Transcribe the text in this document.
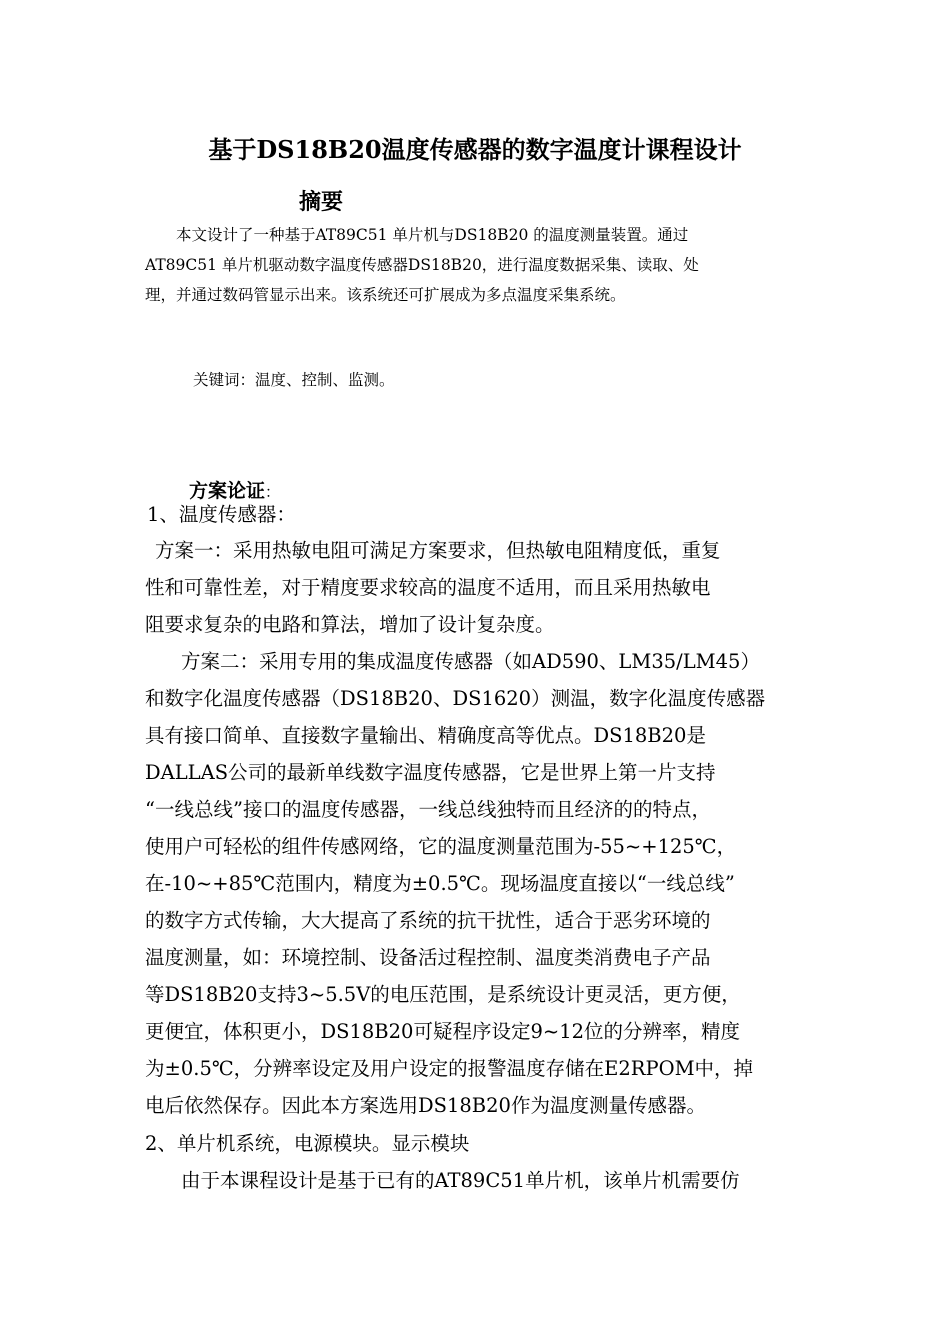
基于DS18B20温度传感器的数字温度计课程设计
摘要
　　本文设计了一种基于AT89C51 单片机与DS18B20 的温度测量装置。通过
AT89C51 单片机驱动数字温度传感器DS18B20，进行温度数据采集、读取、处
理，并通过数码管显示出来。该系统还可扩展成为多点温度采集系统。
关键词：温度、控制、监测。
方案论证：
1、温度传感器：
方案一：采用热敏电阻可满足方案要求，但热敏电阻精度低，重复
性和可靠性差，对于精度要求较高的温度不适用，而且采用热敏电
阻要求复杂的电路和算法，增加了设计复杂度。
方案二：采用专用的集成温度传感器（如AD590、LM35/LM45）
和数字化温度传感器（DS18B20、DS1620）测温，数字化温度传感器
具有接口简单、直接数字量输出、精确度高等优点。DS18B20是
DALLAS公司的最新单线数字温度传感器，它是世界上第一片支持
“一线总线”接口的温度传感器，一线总线独特而且经济的的特点，
使用户可轻松的组件传感网络，它的温度测量范围为-55~+125℃，
在-10~+85℃范围内，精度为±0.5℃。现场温度直接以“一线总线”
的数字方式传输，大大提高了系统的抗干扰性，适合于恶劣环境的
温度测量，如：环境控制、设备活过程控制、温度类消费电子产品
等DS18B20支持3~5.5V的电压范围，是系统设计更灵活，更方便，
更便宜，体积更小，DS18B20可疑程序设定9~12位的分辨率，精度
为±0.5℃，分辨率设定及用户设定的报警温度存储在E2RPOM中，掉
电后依然保存。因此本方案选用DS18B20作为温度测量传感器。
2、单片机系统，电源模块。显示模块
由于本课程设计是基于已有的AT89C51单片机，该单片机需要仿
